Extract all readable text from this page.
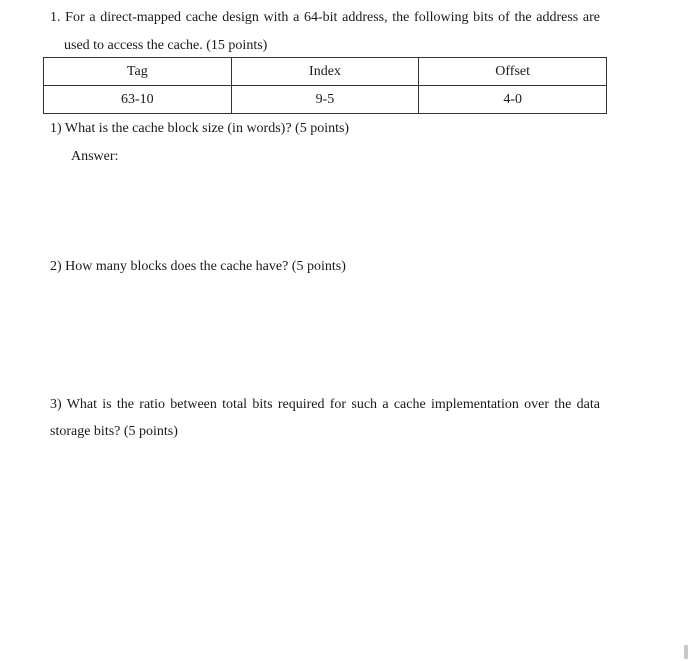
1. For a direct-mapped cache design with a 64-bit address, the following bits of the address are
used to access the cache. (15 points)
Tag	Index	Offset
63-10	9-5	4-0
1) What is the cache block size (in words)? (5 points)
Answer:
2) How many blocks does the cache have? (5 points)
3) What is the ratio between total bits required for such a cache implementation over the data
storage bits? (5 points)
